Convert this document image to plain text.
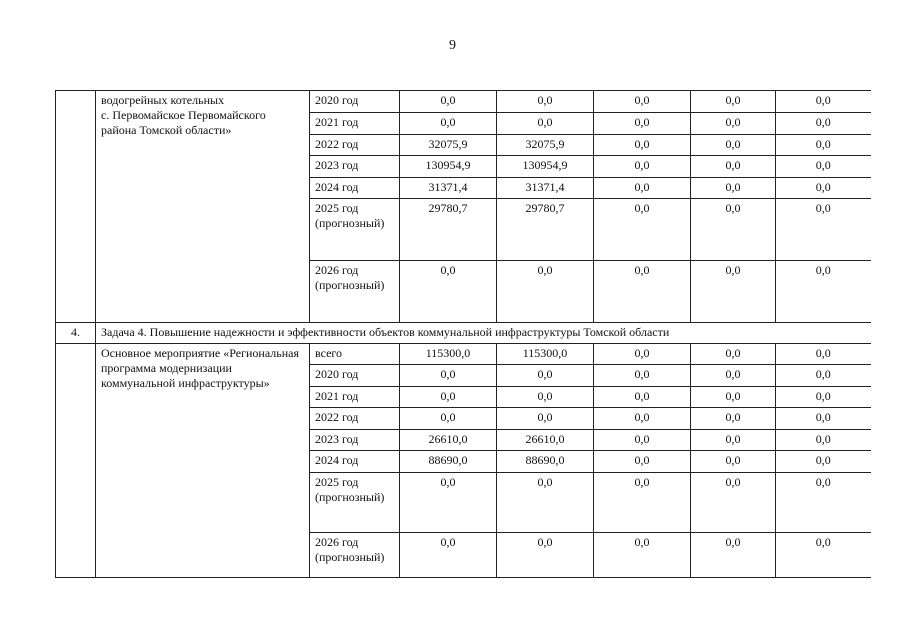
9
	водогрейных котельных
с. Первомайское Первомайского района Томской области»	2020 год	0,0	0,0	0,0	0,0	0,0
		2021 год	0,0	0,0	0,0	0,0	0,0
		2022 год	32075,9	32075,9	0,0	0,0	0,0
		2023 год	130954,9	130954,9	0,0	0,0	0,0
		2024 год	31371,4	31371,4	0,0	0,0	0,0
		2025 год
(прогнозный)	29780,7	29780,7	0,0	0,0	0,0
		2026 год
(прогнозный)	0,0	0,0	0,0	0,0	0,0
4.	Задача 4. Повышение надежности и эффективности объектов коммунальной инфраструктуры Томской области						
	Основное мероприятие «Региональная программа модернизации коммунальной инфраструктуры»	всего	115300,0	115300,0	0,0	0,0	0,0
		2020 год	0,0	0,0	0,0	0,0	0,0
		2021 год	0,0	0,0	0,0	0,0	0,0
		2022 год	0,0	0,0	0,0	0,0	0,0
		2023 год	26610,0	26610,0	0,0	0,0	0,0
		2024 год	88690,0	88690,0	0,0	0,0	0,0
		2025 год
(прогнозный)	0,0	0,0	0,0	0,0	0,0
		2026 год
(прогнозный)	0,0	0,0	0,0	0,0	0,0
